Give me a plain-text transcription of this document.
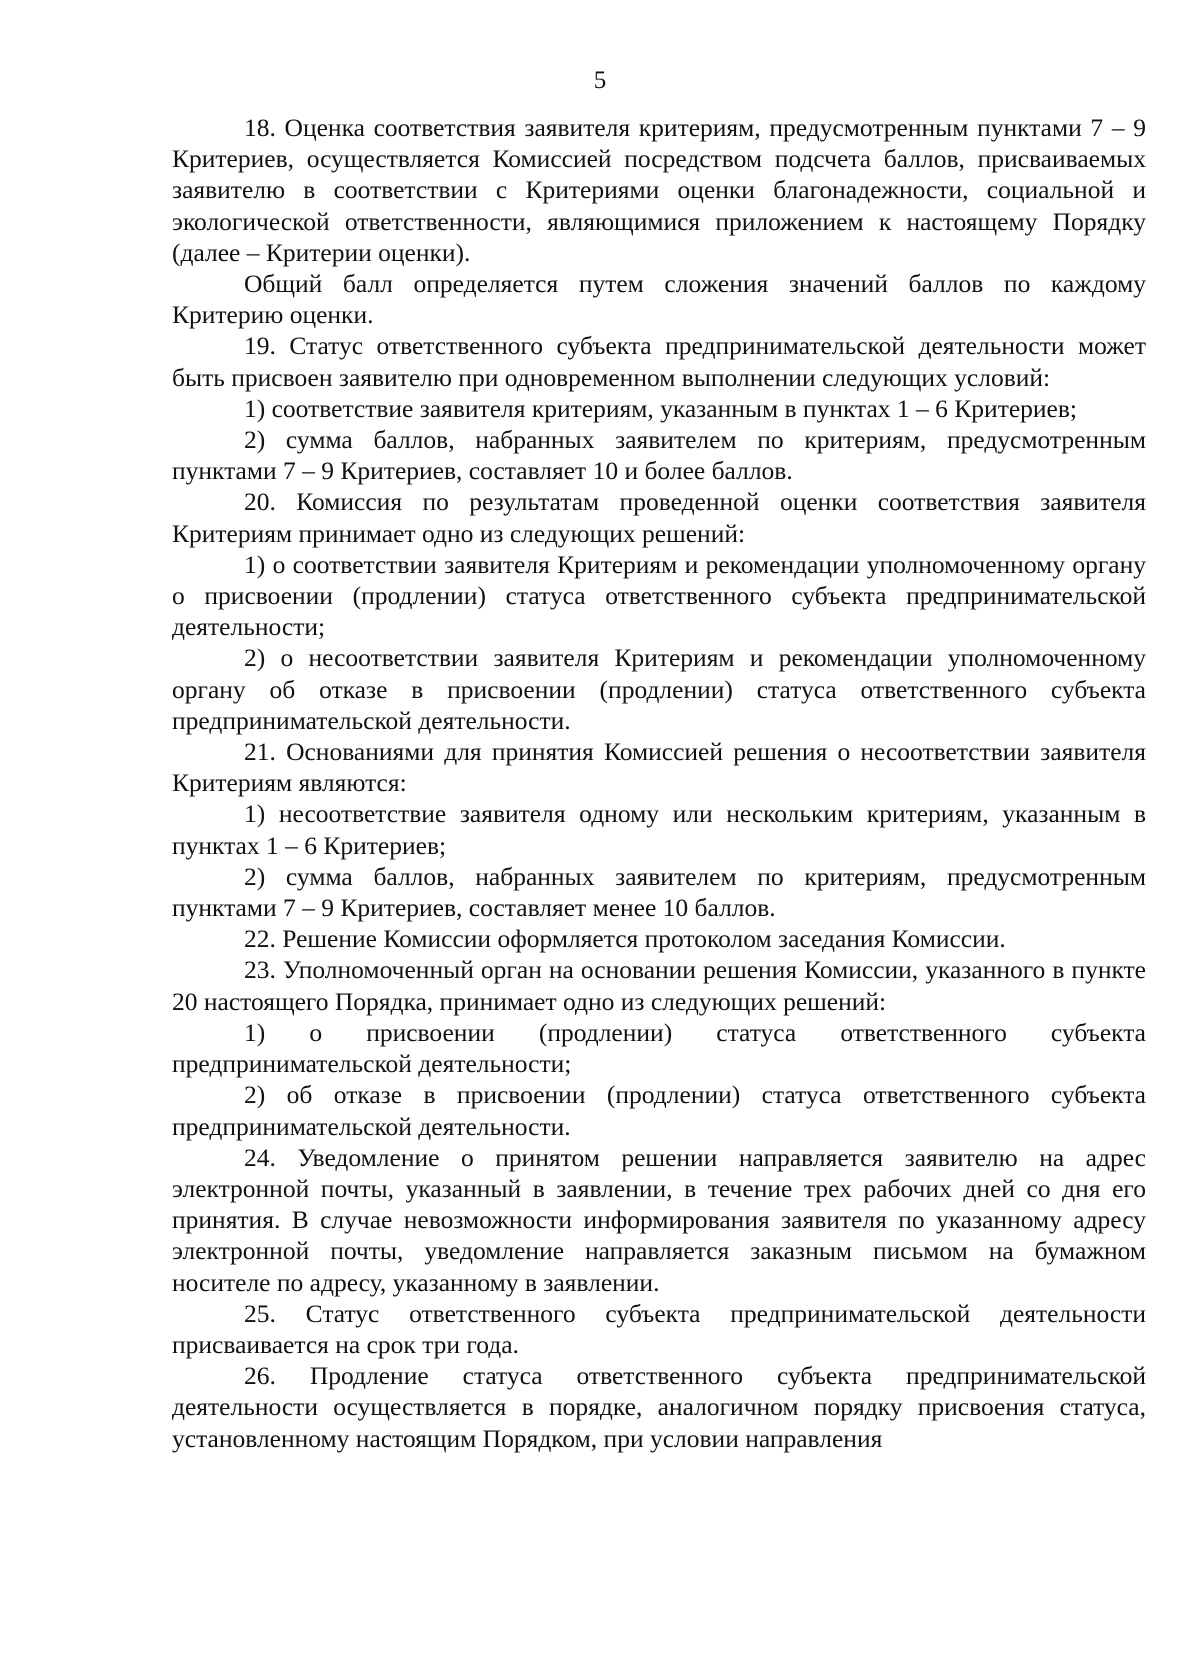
5

18. Оценка соответствия заявителя критериям, предусмотренным пунктами 7 – 9 Критериев, осуществляется Комиссией посредством подсчета баллов, присваиваемых заявителю в соответствии с Критериями оценки благонадежности, социальной и экологической ответственности, являющимися приложением к настоящему Порядку (далее – Критерии оценки).

Общий балл определяется путем сложения значений баллов по каждому Критерию оценки.

19. Статус ответственного субъекта предпринимательской деятельности может быть присвоен заявителю при одновременном выполнении следующих условий:

1) соответствие заявителя критериям, указанным в пунктах 1 – 6 Критериев;

2) сумма баллов, набранных заявителем по критериям, предусмотренным пунктами 7 – 9 Критериев, составляет 10 и более баллов.

20. Комиссия по результатам проведенной оценки соответствия заявителя Критериям принимает одно из следующих решений:

1) о соответствии заявителя Критериям и рекомендации уполномоченному органу о присвоении (продлении) статуса ответственного субъекта предпринимательской деятельности;

2) о несоответствии заявителя Критериям и рекомендации уполномоченному органу об отказе в присвоении (продлении) статуса ответственного субъекта предпринимательской деятельности.

21. Основаниями для принятия Комиссией решения о несоответствии заявителя Критериям являются:

1) несоответствие заявителя одному или нескольким критериям, указанным в пунктах 1 – 6 Критериев;

2) сумма баллов, набранных заявителем по критериям, предусмотренным пунктами 7 – 9 Критериев, составляет менее 10 баллов.

22. Решение Комиссии оформляется протоколом заседания Комиссии.

23. Уполномоченный орган на основании решения Комиссии, указанного в пункте 20 настоящего Порядка, принимает одно из следующих решений:

1) о присвоении (продлении) статуса ответственного субъекта предпринимательской деятельности;

2) об отказе в присвоении (продлении) статуса ответственного субъекта предпринимательской деятельности.

24. Уведомление о принятом решении направляется заявителю на адрес электронной почты, указанный в заявлении, в течение трех рабочих дней со дня его принятия. В случае невозможности информирования заявителя по указанному адресу электронной почты, уведомление направляется заказным письмом на бумажном носителе по адресу, указанному в заявлении.

25. Статус ответственного субъекта предпринимательской деятельности присваивается на срок три года.

26. Продление статуса ответственного субъекта предпринимательской деятельности осуществляется в порядке, аналогичном порядку присвоения статуса, установленному настоящим Порядком, при условии направления
